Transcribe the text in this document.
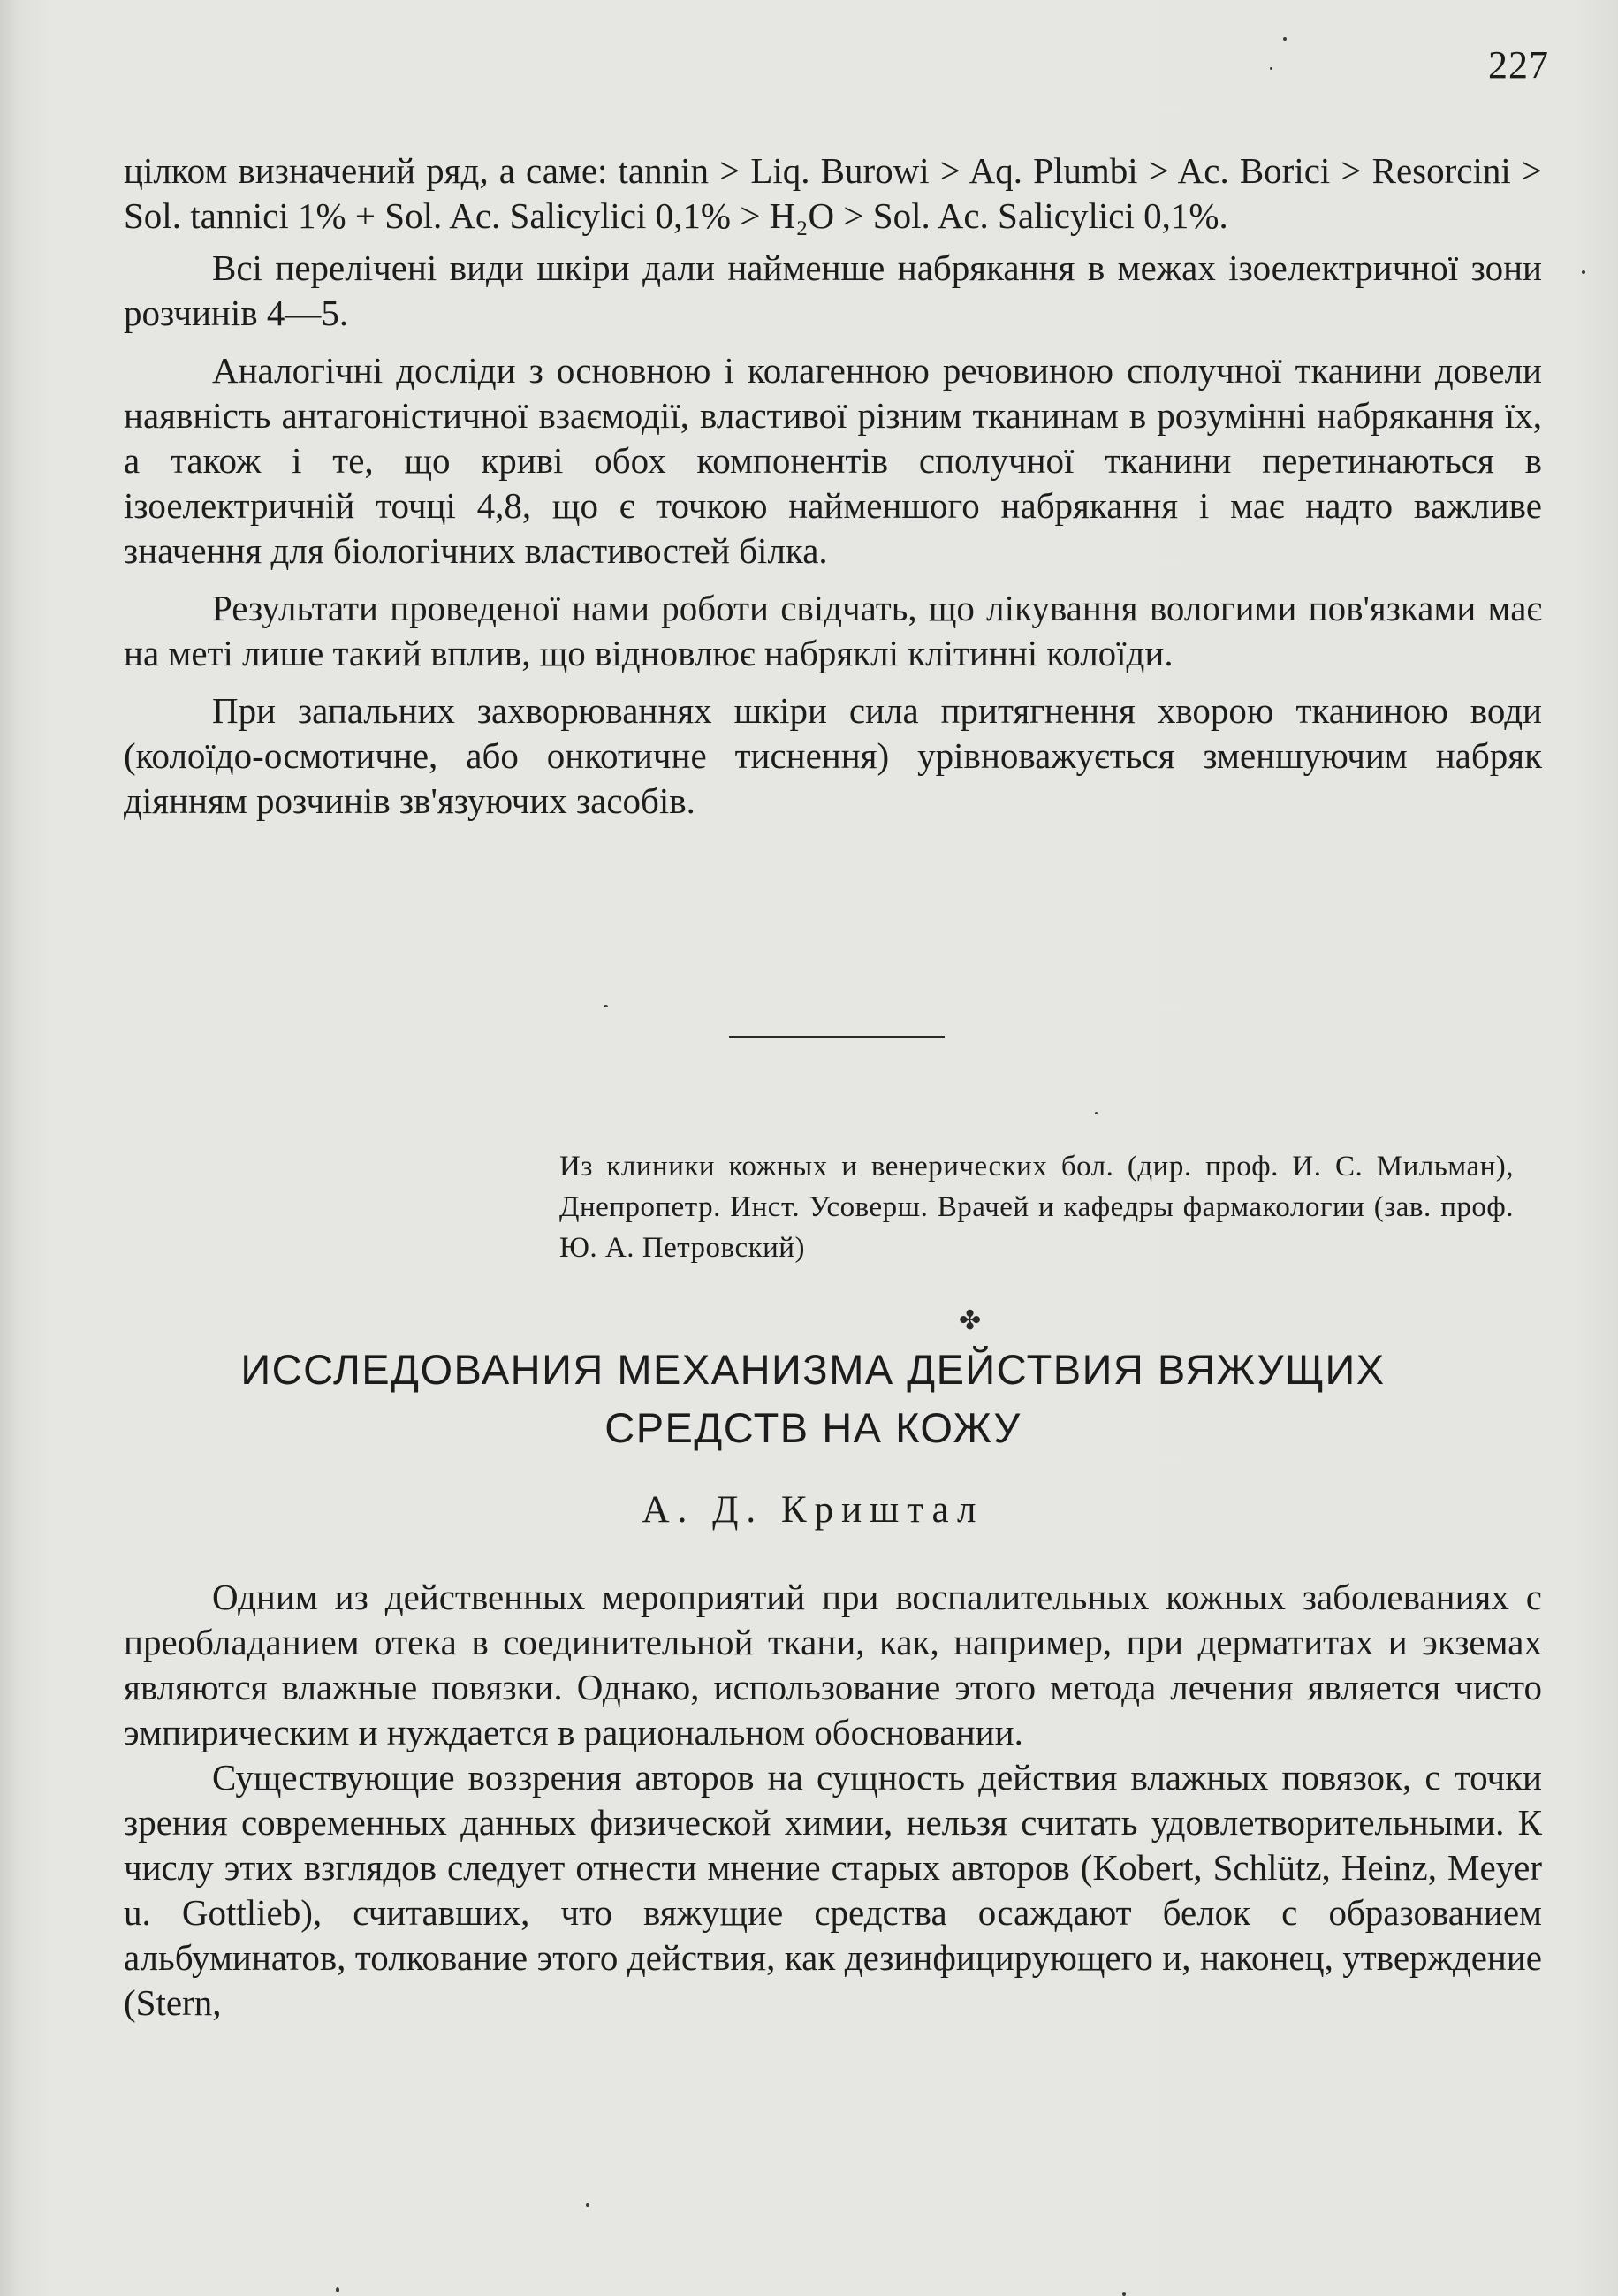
227

цілком визначений ряд, а саме: tannin > Liq. Burowi > Aq. Plumbi > Ac. Borici > Resorcini > Sol. tannici 1% + Sol. Ac. Salicylici 0,1% > H₂O > Sol. Ac. Salicylici 0,1%.

Всі перелічені види шкіри дали найменше набрякання в межах ізоелектричної зони розчинів 4—5.

Аналогічні досліди з основною і колагенною речовиною сполучної тканини довели наявність антагоністичної взаємодії, властивої різним тканинам в розумінні набрякання їх, а також і те, що криві обох компонентів сполучної тканини перетинаються в ізоелектричній точці 4,8, що є точкою найменшого набрякання і має надто важливе значення для біологічних властивостей білка.

Результати проведеної нами роботи свідчать, що лікування вологими пов'язками має на меті лише такий вплив, що відновлює набряклі клітинні колоїди.

При запальних захворюваннях шкіри сила притягнення хворою тканиною води (колоїдо-осмотичне, або онкотичне тиснення) урівноважується зменшуючим набряк діянням розчинів зв'язуючих засобів.

Из клиники кожных и венерических бол. (дир. проф. И. С. Мильман), Днепропетр. Инст. Усоверш. Врачей и кафедры фармакологии (зав. проф. Ю. А. Петровский)
✤
ИССЛЕДОВАНИЯ МЕХАНИЗМА ДЕЙСТВИЯ ВЯЖУЩИХ
СРЕДСТВ НА КОЖУ
А. Д. Криштал

Одним из действенных мероприятий при воспалительных кожных заболеваниях с преобладанием отека в соединительной ткани, как, например, при дерматитах и экземах являются влажные повязки. Однако, использование этого метода лечения является чисто эмпирическим и нуждается в рациональном обосновании.

Существующие воззрения авторов на сущность действия влажных повязок, с точки зрения современных данных физической химии, нельзя считать удовлетворительными. К числу этих взглядов следует отнести мнение старых авторов (Kobert, Schlütz, Heinz, Meyer u. Gottlieb), считавших, что вяжущие средства осаждают белок с образованием альбуминатов, толкование этого действия, как дезинфицирующего и, наконец, утверждение (Stern,
